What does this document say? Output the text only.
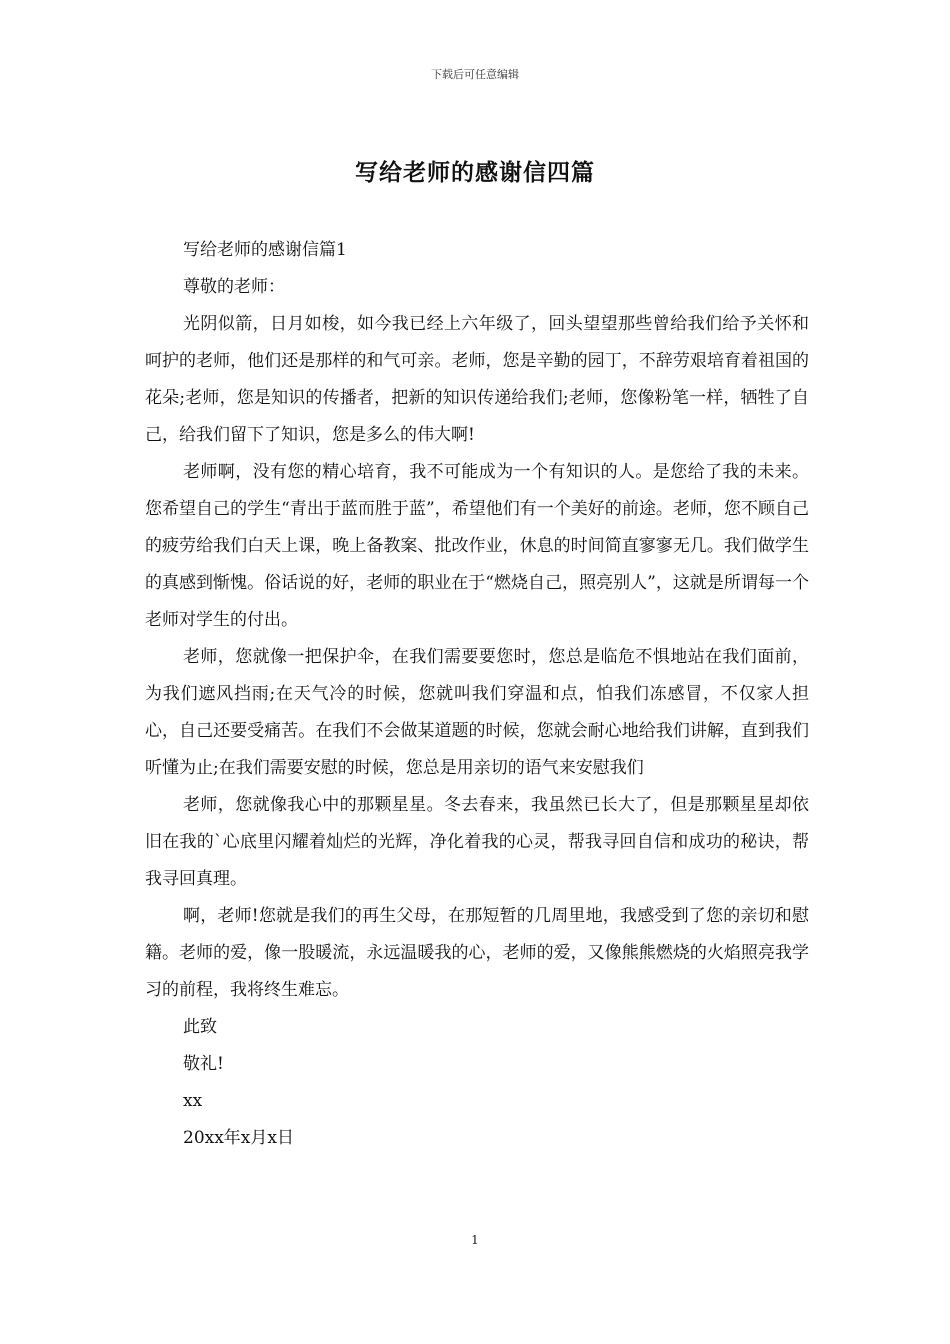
下载后可任意编辑
写给老师的感谢信四篇

写给老师的感谢信篇1

尊敬的老师：

光阴似箭，日月如梭，如今我已经上六年级了，回头望望那些曾给我们给予关怀和呵护的老师，他们还是那样的和气可亲。老师，您是辛勤的园丁，不辞劳艰培育着祖国的花朵;老师，您是知识的传播者，把新的知识传递给我们;老师，您像粉笔一样，牺牲了自己，给我们留下了知识，您是多么的伟大啊!

老师啊，没有您的精心培育，我不可能成为一个有知识的人。是您给了我的未来。您希望自己的学生“青出于蓝而胜于蓝”，希望他们有一个美好的前途。老师，您不顾自己的疲劳给我们白天上课，晚上备教案、批改作业，休息的时间简直寥寥无几。我们做学生的真感到惭愧。俗话说的好，老师的职业在于“燃烧自己，照亮别人”，这就是所谓每一个老师对学生的付出。

老师，您就像一把保护伞，在我们需要要您时，您总是临危不惧地站在我们面前，为我们遮风挡雨;在天气冷的时候，您就叫我们穿温和点，怕我们冻感冒，不仅家人担心，自己还要受痛苦。在我们不会做某道题的时候，您就会耐心地给我们讲解，直到我们听懂为止;在我们需要安慰的时候，您总是用亲切的语气来安慰我们

老师，您就像我心中的那颗星星。冬去春来，我虽然已长大了，但是那颗星星却依旧在我的`心底里闪耀着灿烂的光辉，净化着我的心灵，帮我寻回自信和成功的秘诀，帮我寻回真理。

啊，老师!您就是我们的再生父母，在那短暂的几周里地，我感受到了您的亲切和慰籍。老师的爱，像一股暖流，永远温暖我的心，老师的爱，又像熊熊燃烧的火焰照亮我学习的前程，我将终生难忘。

此致

敬礼!

xx

20xx年x月x日

1
